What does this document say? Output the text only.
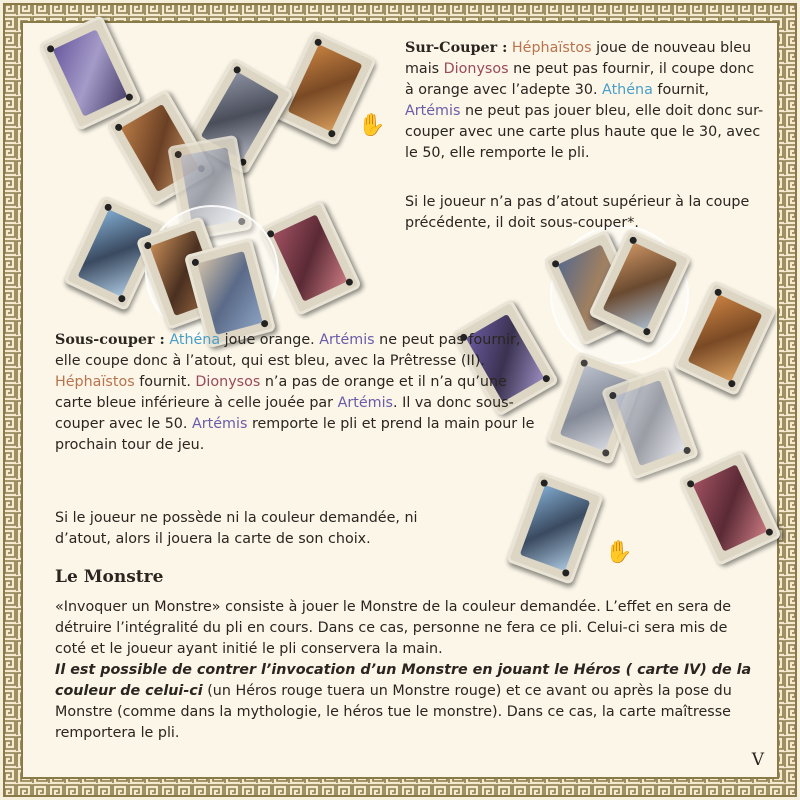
✋
✋
Sur-Couper : Héphaïstos joue de nouveau bleu mais Dionysos ne peut pas fournir, il coupe donc à orange avec l’adepte 30. Athéna fournit, Artémis ne peut pas jouer bleu, elle doit donc sur-couper avec une carte plus haute que le 30, avec le 50, elle remporte le pli.
Si le joueur n’a pas d’atout supérieur à la coupe précédente, il doit sous-couper*.
Sous-couper : Athéna joue orange. Artémis ne peut pas fournir, elle coupe donc à l’atout, qui est bleu, avec la Prêtresse (II). Héphaïstos fournit. Dionysos n’a pas de orange et il n’a qu’une carte bleue inférieure à celle jouée par Artémis. Il va donc sous-couper avec le 50. Artémis remporte le pli et prend la main pour le prochain tour de jeu.
Si le joueur ne possède ni la couleur demandée, ni d’atout, alors il jouera la carte de son choix.
Le Monstre
«Invoquer un Monstre» consiste à jouer le Monstre de la couleur demandée. L’effet en sera de détruire l’intégralité du pli en cours. Dans ce cas, personne ne fera ce pli. Celui-ci sera mis de coté et le joueur ayant initié le pli conservera la main.
Il est possible de contrer l’invocation d’un Monstre en jouant le Héros ( carte IV) de la couleur de celui-ci (un Héros rouge tuera un Monstre rouge) et ce avant ou après la pose du Monstre (comme dans la mythologie, le héros tue le monstre). Dans ce cas, la carte maîtresse remportera le pli.
V
